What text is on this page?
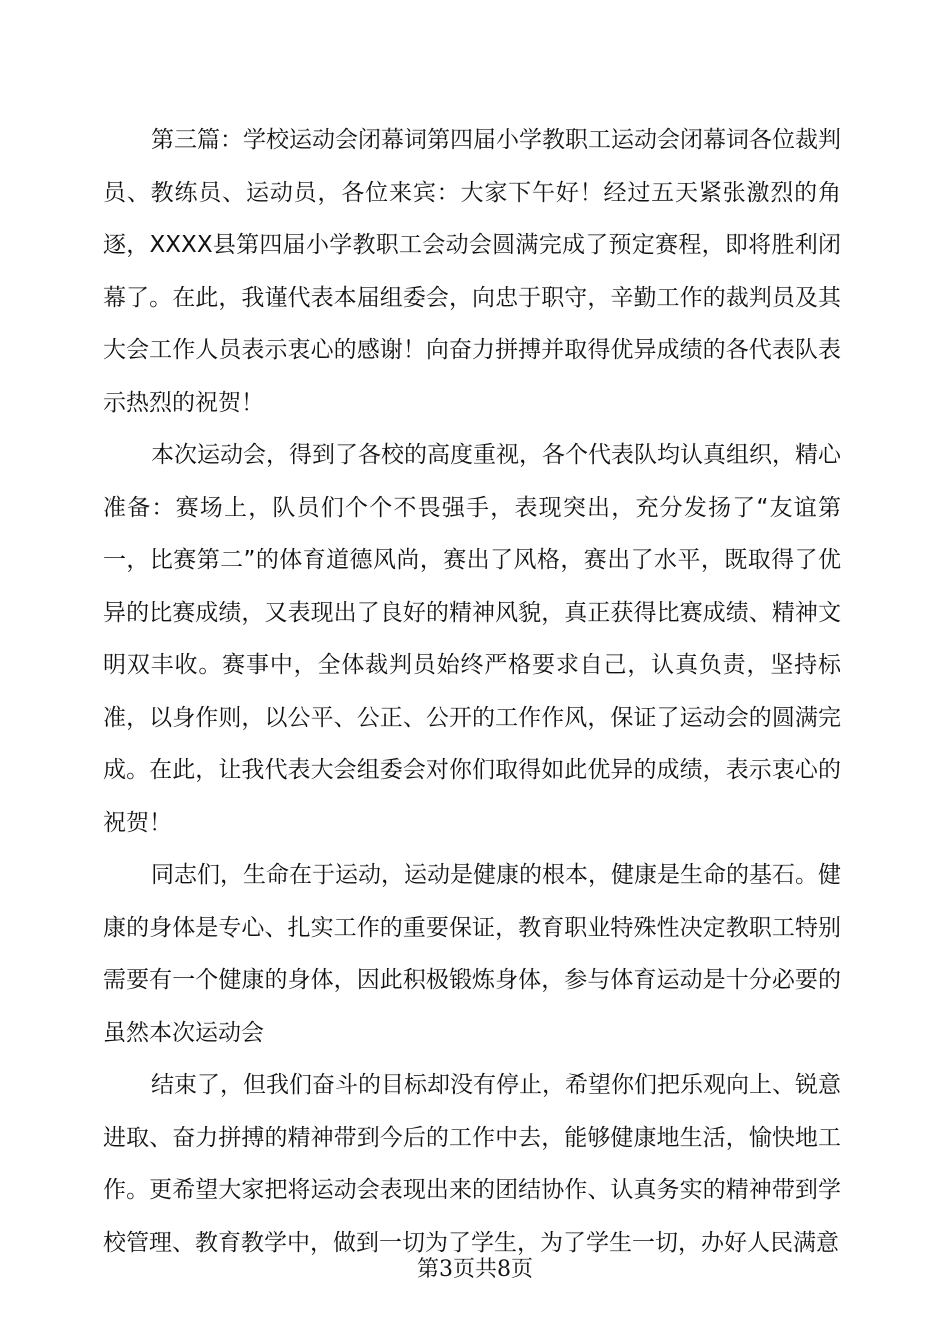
第三篇：学校运动会闭幕词第四届小学教职工运动会闭幕词各位裁判员、教练员、运动员，各位来宾：大家下午好！经过五天紧张激烈的角逐，XXXX县第四届小学教职工会动会圆满完成了预定赛程，即将胜利闭幕了。在此，我谨代表本届组委会，向忠于职守，辛勤工作的裁判员及其大会工作人员表示衷心的感谢！向奋力拼搏并取得优异成绩的各代表队表示热烈的祝贺！

本次运动会，得到了各校的高度重视，各个代表队均认真组织，精心准备：赛场上，队员们个个不畏强手，表现突出，充分发扬了“友谊第一，比赛第二”的体育道德风尚，赛出了风格，赛出了水平，既取得了优异的比赛成绩，又表现出了良好的精神风貌，真正获得比赛成绩、精神文明双丰收。赛事中，全体裁判员始终严格要求自己，认真负责，坚持标准，以身作则，以公平、公正、公开的工作作风，保证了运动会的圆满完成。在此，让我代表大会组委会对你们取得如此优异的成绩，表示衷心的祝贺！

同志们，生命在于运动，运动是健康的根本，健康是生命的基石。健康的身体是专心、扎实工作的重要保证，教育职业特殊性决定教职工特别需要有一个健康的身体，因此积极锻炼身体，参与体育运动是十分必要的虽然本次运动会

结束了，但我们奋斗的目标却没有停止，希望你们把乐观向上、锐意进取、奋力拼搏的精神带到今后的工作中去，能够健康地生活，愉快地工作。更希望大家把将运动会表现出来的团结协作、认真务实的精神带到学校管理、教育教学中，做到一切为了学生，为了学生一切，办好人民满意

第3页共8页
